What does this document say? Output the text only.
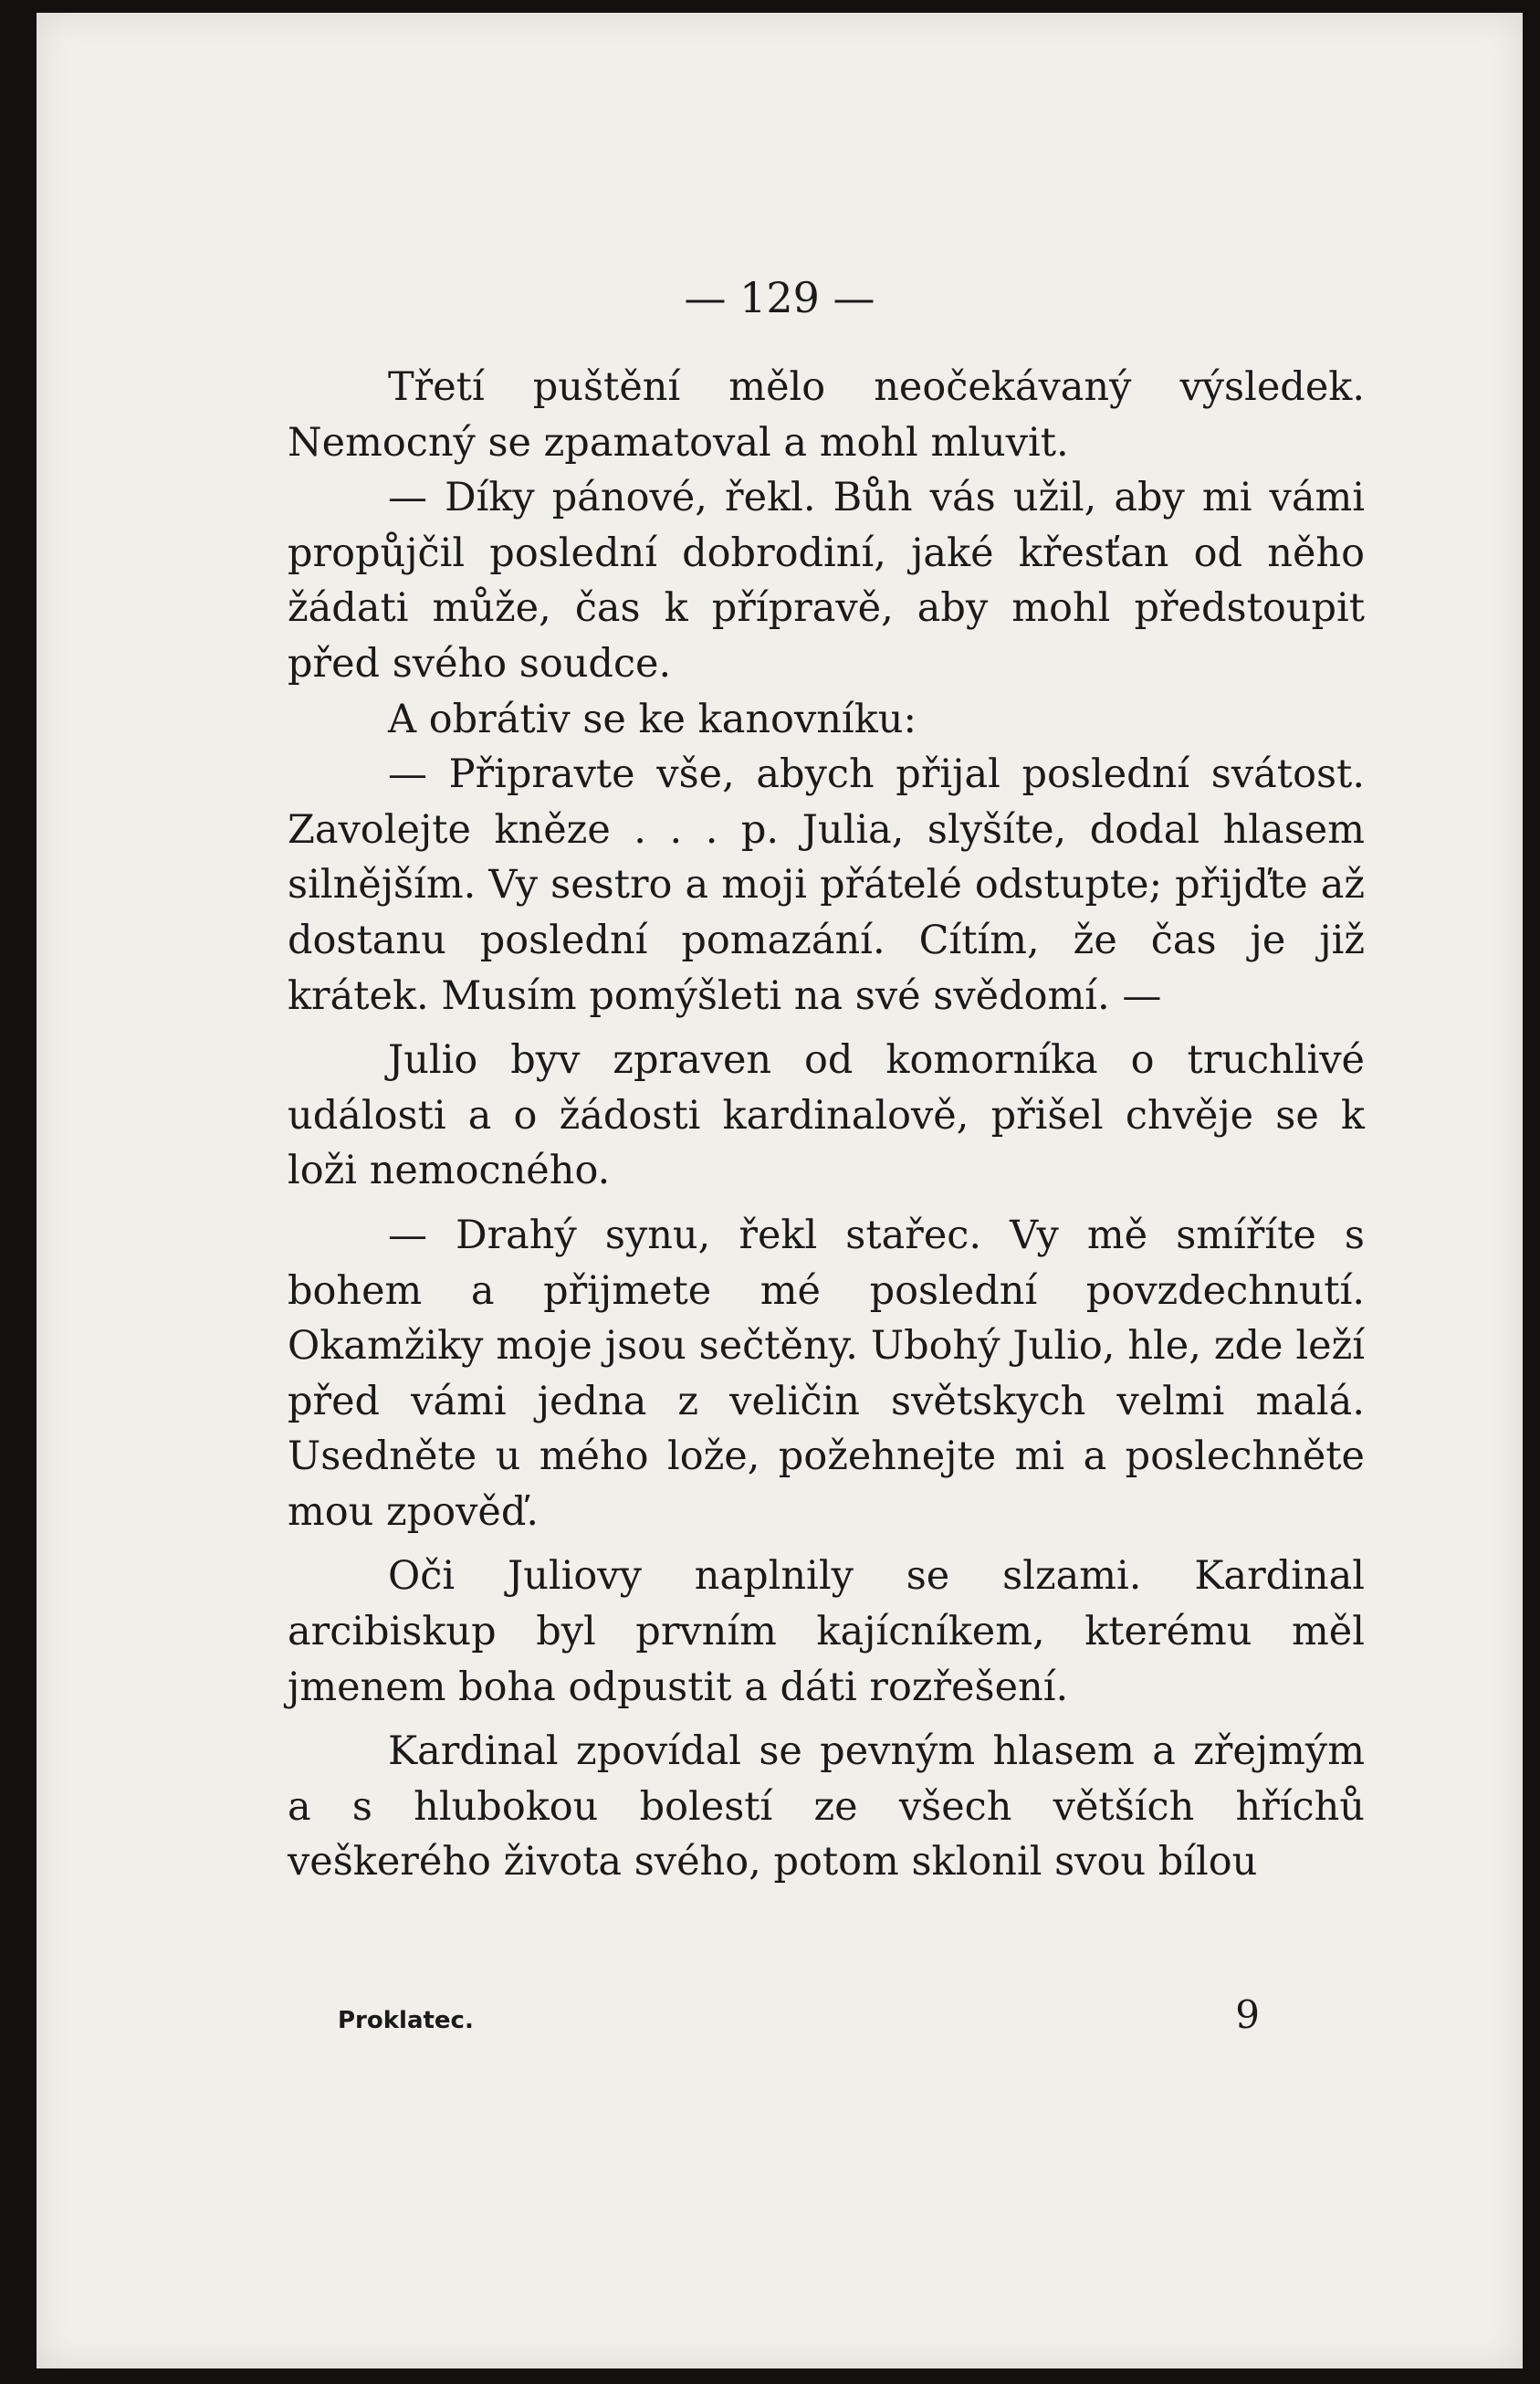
— 129 —

Třetí puštění mělo neočekávaný výsledek. Nemocný se zpamatoval a mohl mluvit.

— Díky pánové, řekl. Bůh vás užil, aby mi vámi propůjčil poslední dobrodiní, jaké křesťan od něho žádati může, čas k přípravě, aby mohl předstoupit před svého soudce.

A obrátiv se ke kanovníku:

— Připravte vše, abych přijal poslední svátost. Zavolejte kněze . . . p. Julia, slyšíte, dodal hlasem silnějším. Vy sestro a moji přátelé odstupte; přijďte až dostanu poslední pomazání. Cítím, že čas je již krátek. Musím pomýšleti na své svědomí. —

Julio byv zpraven od komorníka o truchlivé události a o žádosti kardinalově, přišel chvěje se k loži nemocného.

— Drahý synu, řekl stařec. Vy mě smíříte s bohem a přijmete mé poslední povzdechnutí. Okamžiky moje jsou sečtěny. Ubohý Julio, hle, zde leží před vámi jedna z veličin světskych velmi malá. Usedněte u mého lože, požehnejte mi a poslechněte mou zpověď.

Oči Juliovy naplnily se slzami. Kardinal arcibiskup byl prvním kajícníkem, kterému měl jmenem boha odpustit a dáti rozřešení.

Kardinal zpovídal se pevným hlasem a zřejmým a s hlubokou bolestí ze všech větších hříchů veškerého života svého, potom sklonil svou bílou

Proklatec.	9
